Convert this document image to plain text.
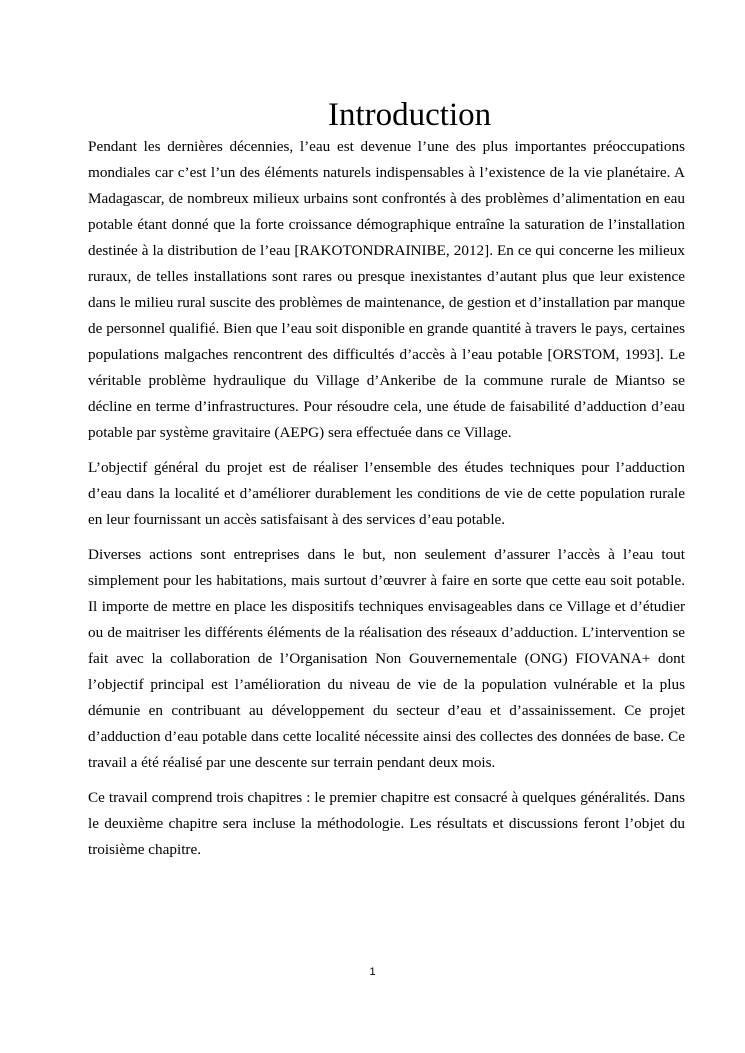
Introduction

Pendant les dernières décennies, l’eau est devenue l’une des plus importantes préoccupations mondiales car c’est l’un des éléments naturels indispensables à l’existence de la vie planétaire. A Madagascar, de nombreux milieux urbains sont confrontés à des problèmes d’alimentation en eau potable étant donné que la forte croissance démographique entraîne la saturation de l’installation destinée à la distribution de l’eau [RAKOTONDRAINIBE, 2012]. En ce qui concerne les milieux ruraux, de telles installations sont rares ou presque inexistantes d’autant plus que leur existence dans le milieu rural suscite des problèmes de maintenance, de gestion et d’installation par manque de personnel qualifié. Bien que l’eau soit disponible en grande quantité à travers le pays, certaines populations malgaches rencontrent des difficultés d’accès à l’eau potable [ORSTOM, 1993]. Le véritable problème hydraulique du Village d’Ankeribe de la commune rurale de Miantso se décline en terme d’infrastructures. Pour résoudre cela, une étude de faisabilité d’adduction d’eau potable par système gravitaire (AEPG) sera effectuée dans ce Village.

L’objectif général du projet est de réaliser l’ensemble des études techniques pour l’adduction d’eau dans la localité et d’améliorer durablement les conditions de vie de cette population rurale en leur fournissant un accès satisfaisant à des services d’eau potable.

Diverses actions sont entreprises dans le but, non seulement d’assurer l’accès à l’eau tout simplement pour les habitations, mais surtout d’œuvrer à faire en sorte que cette eau soit potable. Il importe de mettre en place les dispositifs techniques envisageables dans ce Village et d’étudier ou de maitriser les différents éléments de la réalisation des réseaux d’adduction. L’intervention se fait avec la collaboration de l’Organisation Non Gouvernementale (ONG) FIOVANA+ dont l’objectif principal est l’amélioration du niveau de vie de la population vulnérable et la plus démunie en contribuant au développement du secteur d’eau et d’assainissement. Ce projet d’adduction d’eau potable dans cette localité nécessite ainsi des collectes des données de base. Ce travail a été réalisé par une descente sur terrain pendant deux mois.

Ce travail comprend trois chapitres : le premier chapitre est consacré à quelques généralités. Dans le deuxième chapitre sera incluse la méthodologie. Les résultats et discussions feront l’objet du troisième chapitre.

1
